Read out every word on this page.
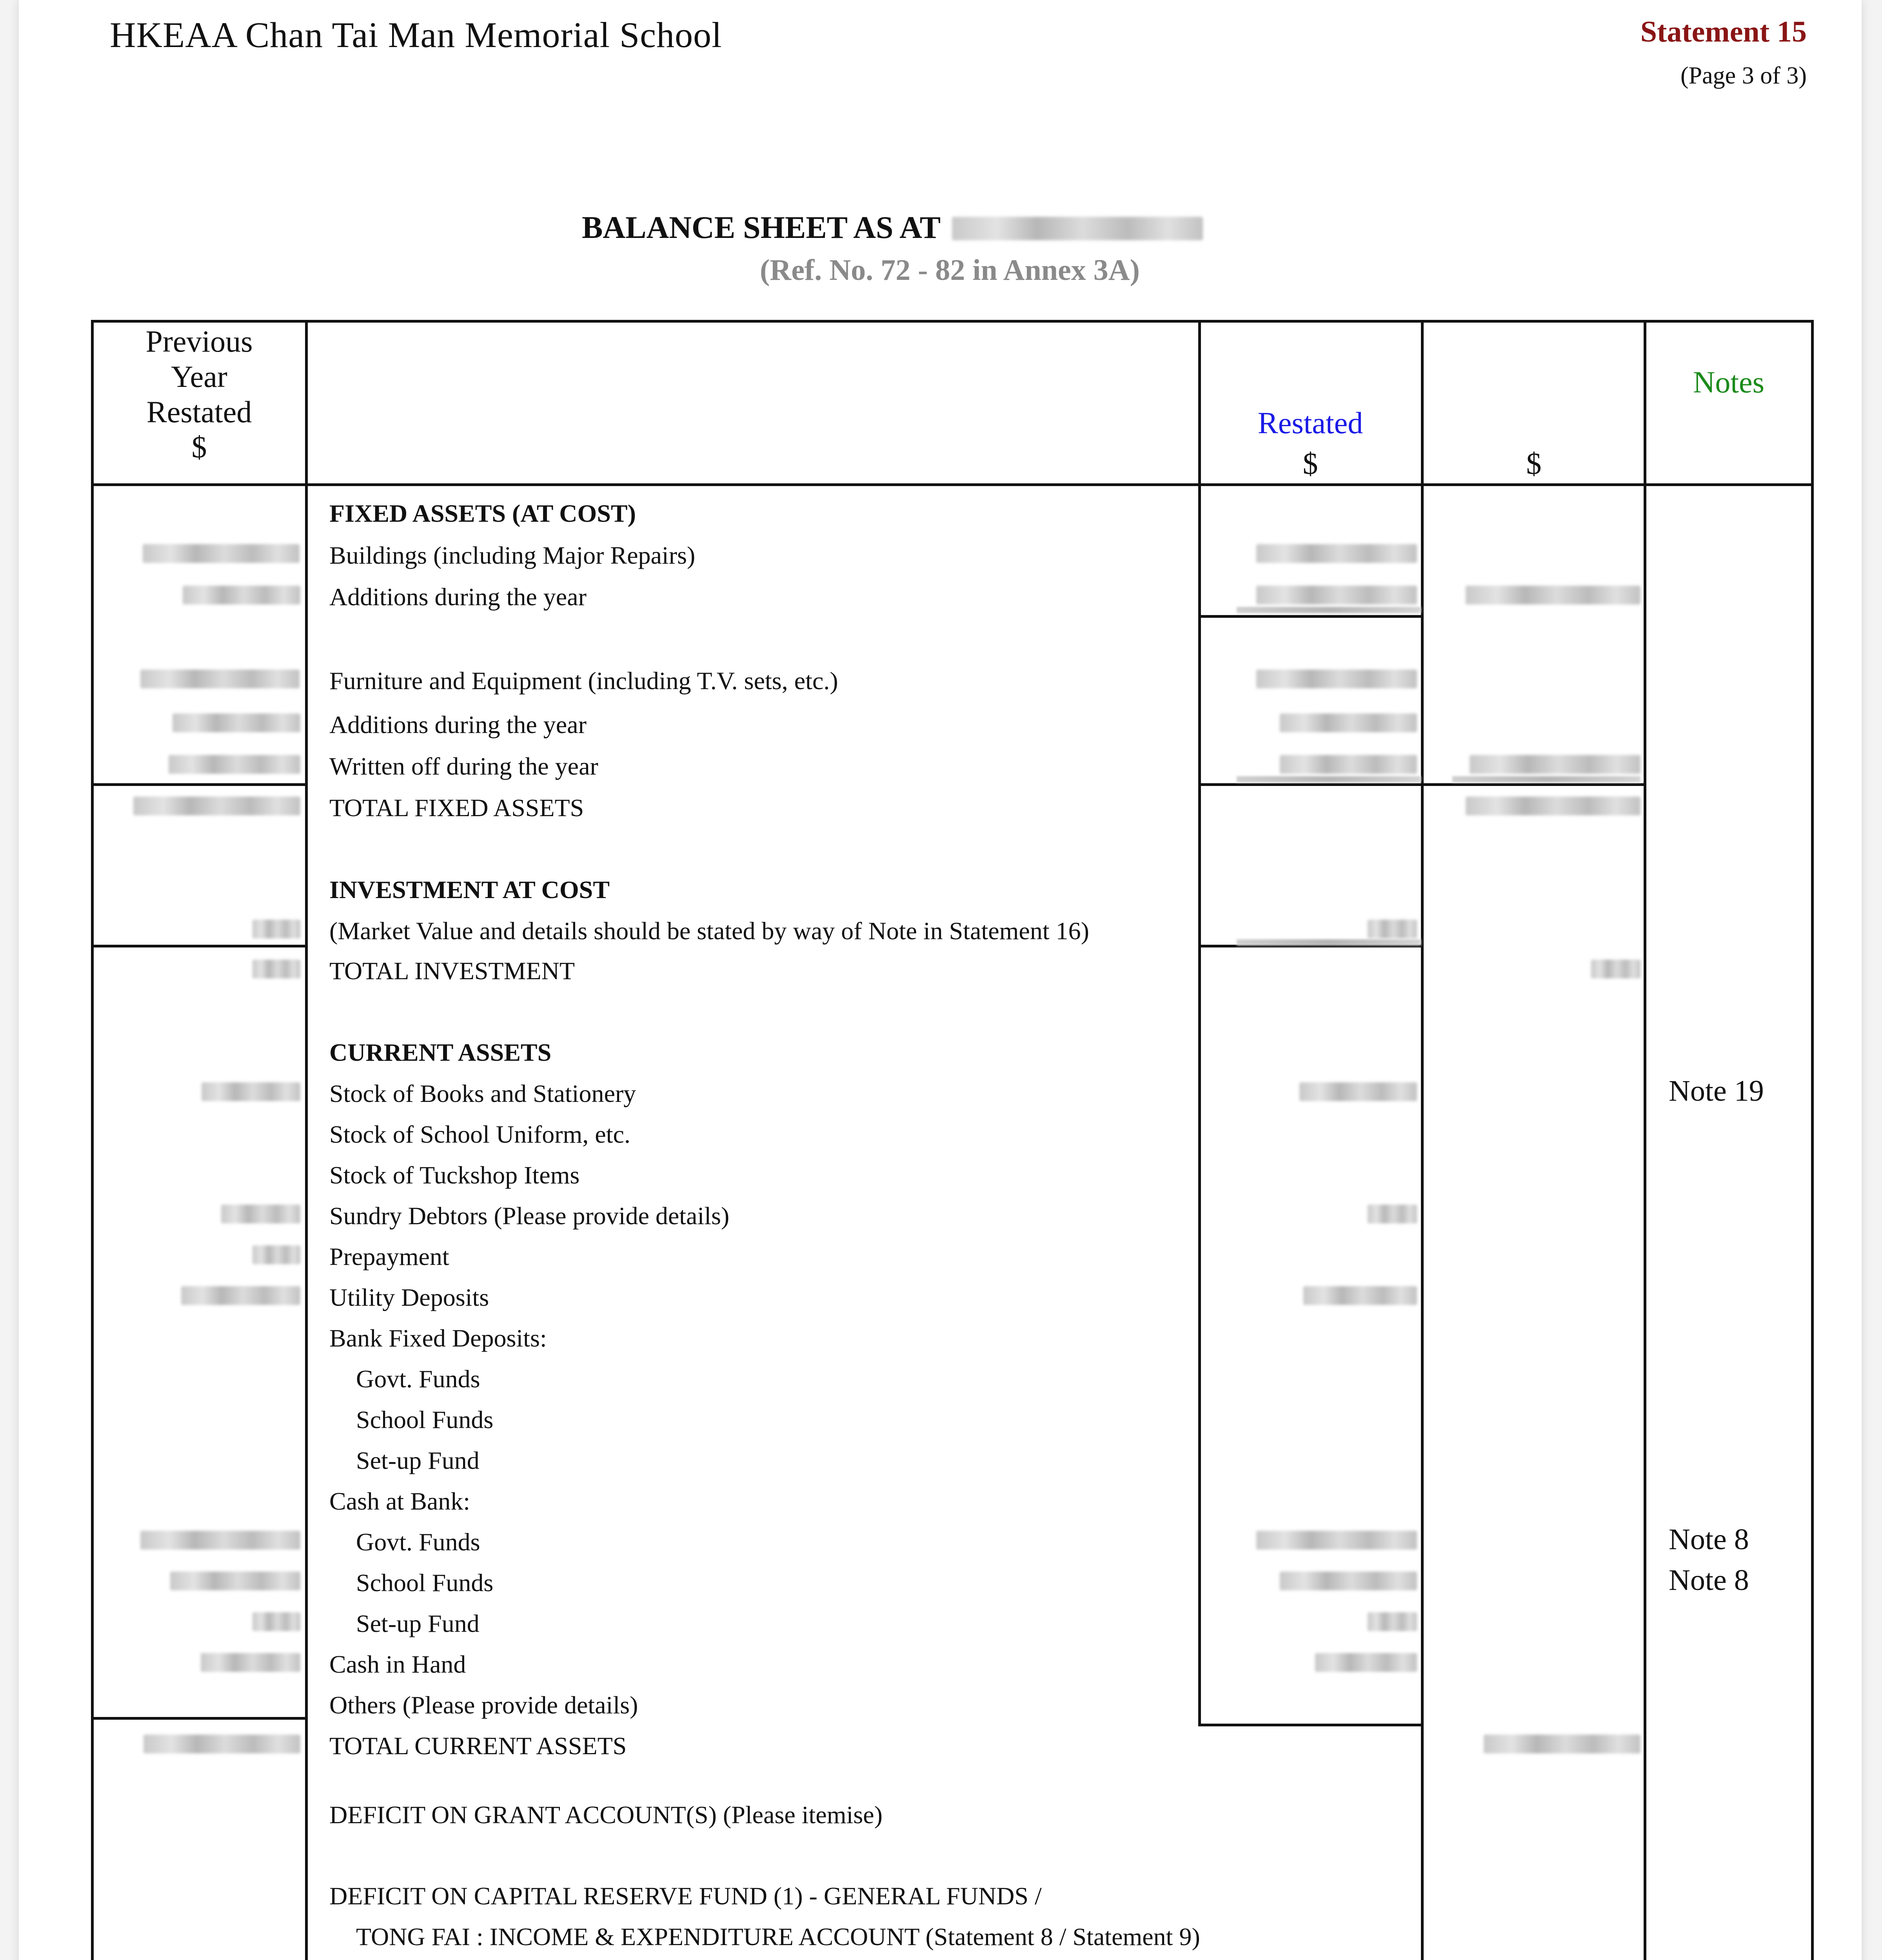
HKEAA Chan Tai Man Memorial School	Statement 15
(Page 3 of 3)
BALANCE SHEET AS AT
(Ref. No. 72 - 82 in Annex 3A)
Previous
Year
Restated
$
Restated
$	$
Notes
FIXED ASSETS (AT COST)
Buildings (including Major Repairs)
Additions during the year
Furniture and Equipment (including T.V. sets, etc.)
Additions during the year
Written off during the year
TOTAL FIXED ASSETS
INVESTMENT AT COST
(Market Value and details should be stated by way of Note in Statement 16)
TOTAL INVESTMENT
CURRENT ASSETS
Stock of Books and Stationery
Stock of School Uniform, etc.
Stock of Tuckshop Items
Sundry Debtors (Please provide details)
Prepayment
Utility Deposits
Bank Fixed Deposits:
Govt. Funds
School Funds
Set-up Fund
Cash at Bank:
Govt. Funds
School Funds
Set-up Fund
Cash in Hand
Others (Please provide details)
TOTAL CURRENT ASSETS
DEFICIT ON GRANT ACCOUNT(S) (Please itemise)
DEFICIT ON CAPITAL RESERVE FUND (1) - GENERAL FUNDS /
TONG FAI : INCOME & EXPENDITURE ACCOUNT (Statement 8 / Statement 9)
Note 19
Note 8
Note 8
